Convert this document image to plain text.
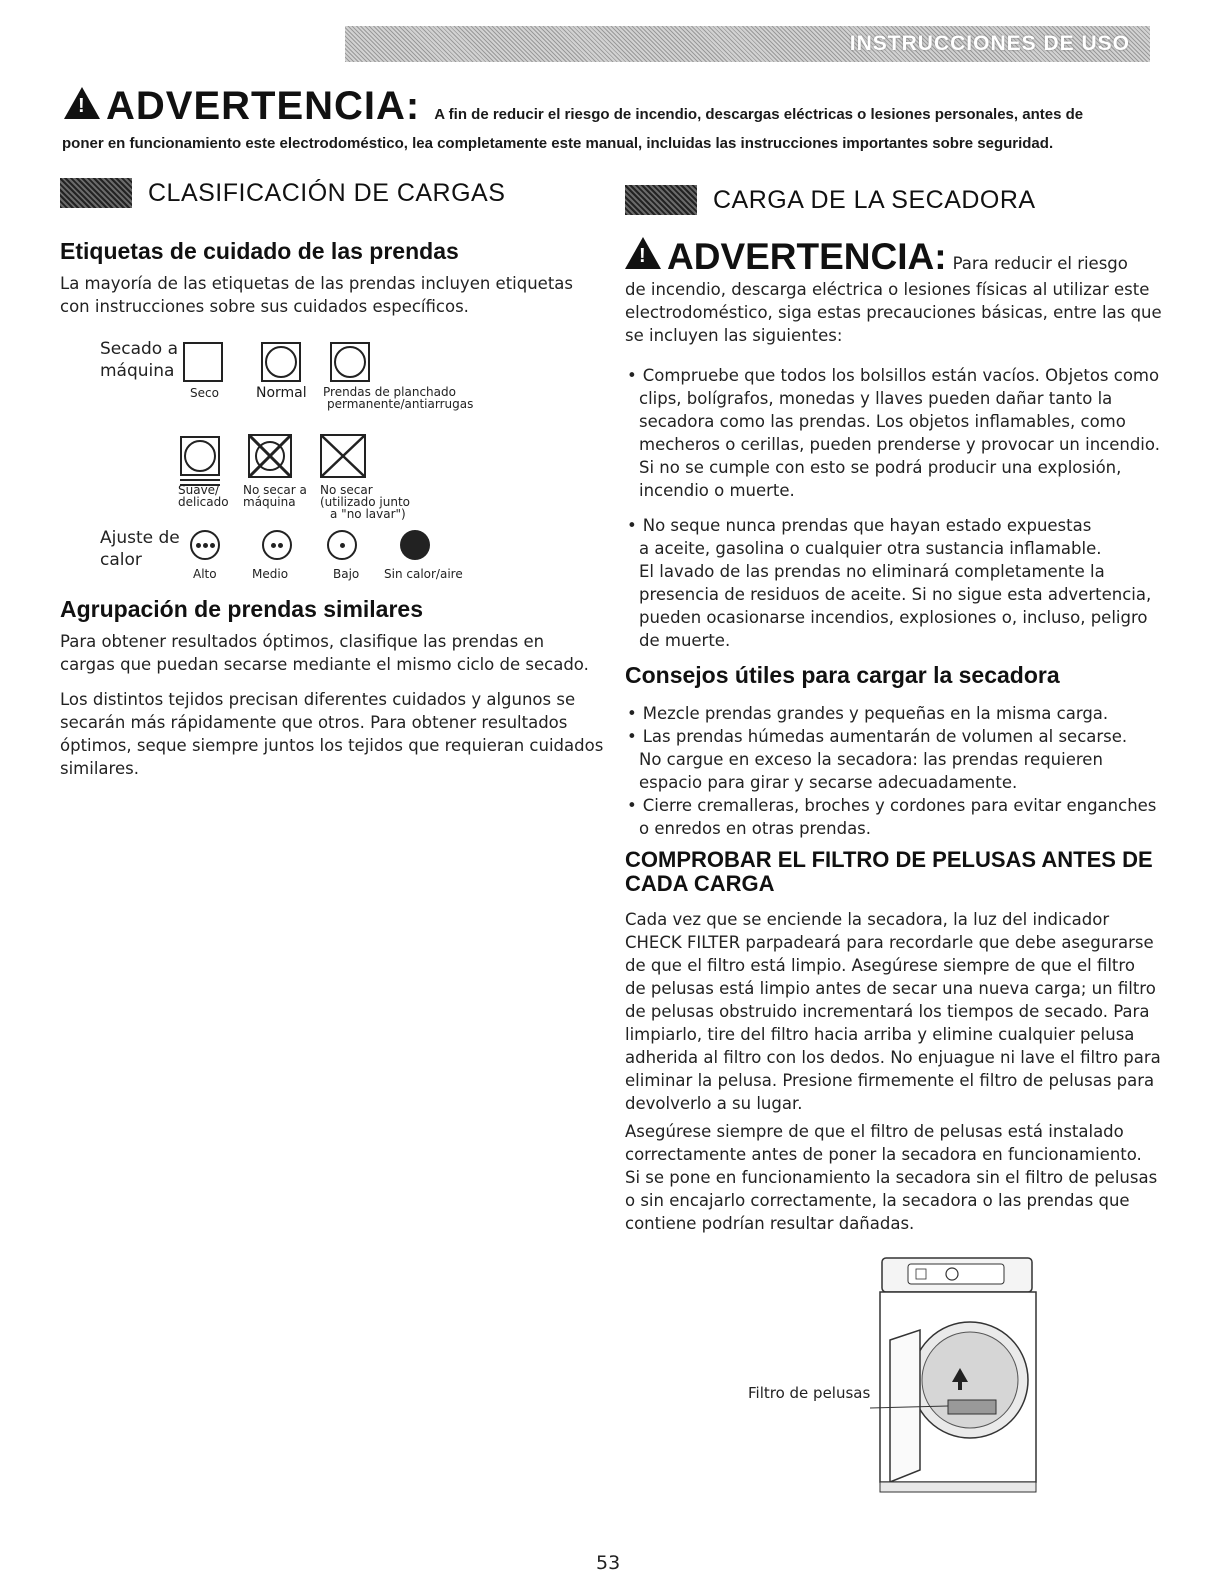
INSTRUCCIONES DE USO
!
ADVERTENCIA: A fin de reducir el riesgo de incendio, descargas eléctricas o lesiones personales, antes de
poner en funcionamiento este electrodoméstico, lea completamente este manual, incluidas las instrucciones importantes sobre seguridad.
CLASIFICACIÓN DE CARGAS
Etiquetas de cuidado de las prendas
La mayoría de las etiquetas de las prendas incluyen etiquetas
con instrucciones sobre sus cuidados específicos.
Secado a
máquina
Seco	Normal Prendas de planchado
permanente/antiarrugas
Suave/
delicado
No secar a
máquina
No secar
(utilizado junto
a "no lavar")
Ajuste de
calor
Alto	Medio	Bajo Sin calor/aire
Agrupación de prendas similares
Para obtener resultados óptimos, clasifique las prendas en
cargas que puedan secarse mediante el mismo ciclo de secado.
Los distintos tejidos precisan diferentes cuidados y algunos se
secarán más rápidamente que otros. Para obtener resultados
óptimos, seque siempre juntos los tejidos que requieran cuidados
similares.
CARGA DE LA SECADORA
!
ADVERTENCIA: Para reducir el riesgo
de incendio, descarga eléctrica o lesiones físicas al utilizar este
electrodoméstico, siga estas precauciones básicas, entre las que
se incluyen las siguientes:
• Compruebe que todos los bolsillos están vacíos. Objetos como
clips, bolígrafos, monedas y llaves pueden dañar tanto la
secadora como las prendas. Los objetos inflamables, como
mecheros o cerillas, pueden prenderse y provocar un incendio.
Si no se cumple con esto se podrá producir una explosión,
incendio o muerte.
• No seque nunca prendas que hayan estado expuestas
a aceite, gasolina o cualquier otra sustancia inflamable.
El lavado de las prendas no eliminará completamente la
presencia de residuos de aceite. Si no sigue esta advertencia,
pueden ocasionarse incendios, explosiones o, incluso, peligro
de muerte.
Consejos útiles para cargar la secadora
• Mezcle prendas grandes y pequeñas en la misma carga.
• Las prendas húmedas aumentarán de volumen al secarse.
No cargue en exceso la secadora: las prendas requieren
espacio para girar y secarse adecuadamente.
• Cierre cremalleras, broches y cordones para evitar enganches
o enredos en otras prendas.
COMPROBAR EL FILTRO DE PELUSAS ANTES DE
CADA CARGA
Cada vez que se enciende la secadora, la luz del indicador
CHECK FILTER parpadeará para recordarle que debe asegurarse
de que el filtro está limpio. Asegúrese siempre de que el filtro
de pelusas está limpio antes de secar una nueva carga; un filtro
de pelusas obstruido incrementará los tiempos de secado. Para
limpiarlo, tire del filtro hacia arriba y elimine cualquier pelusa
adherida al filtro con los dedos. No enjuague ni lave el filtro para
eliminar la pelusa. Presione firmemente el filtro de pelusas para
devolverlo a su lugar.
Asegúrese siempre de que el filtro de pelusas está instalado
correctamente antes de poner la secadora en funcionamiento.
Si se pone en funcionamiento la secadora sin el filtro de pelusas
o sin encajarlo correctamente, la secadora o las prendas que
contiene podrían resultar dañadas.
Filtro de pelusas
53
